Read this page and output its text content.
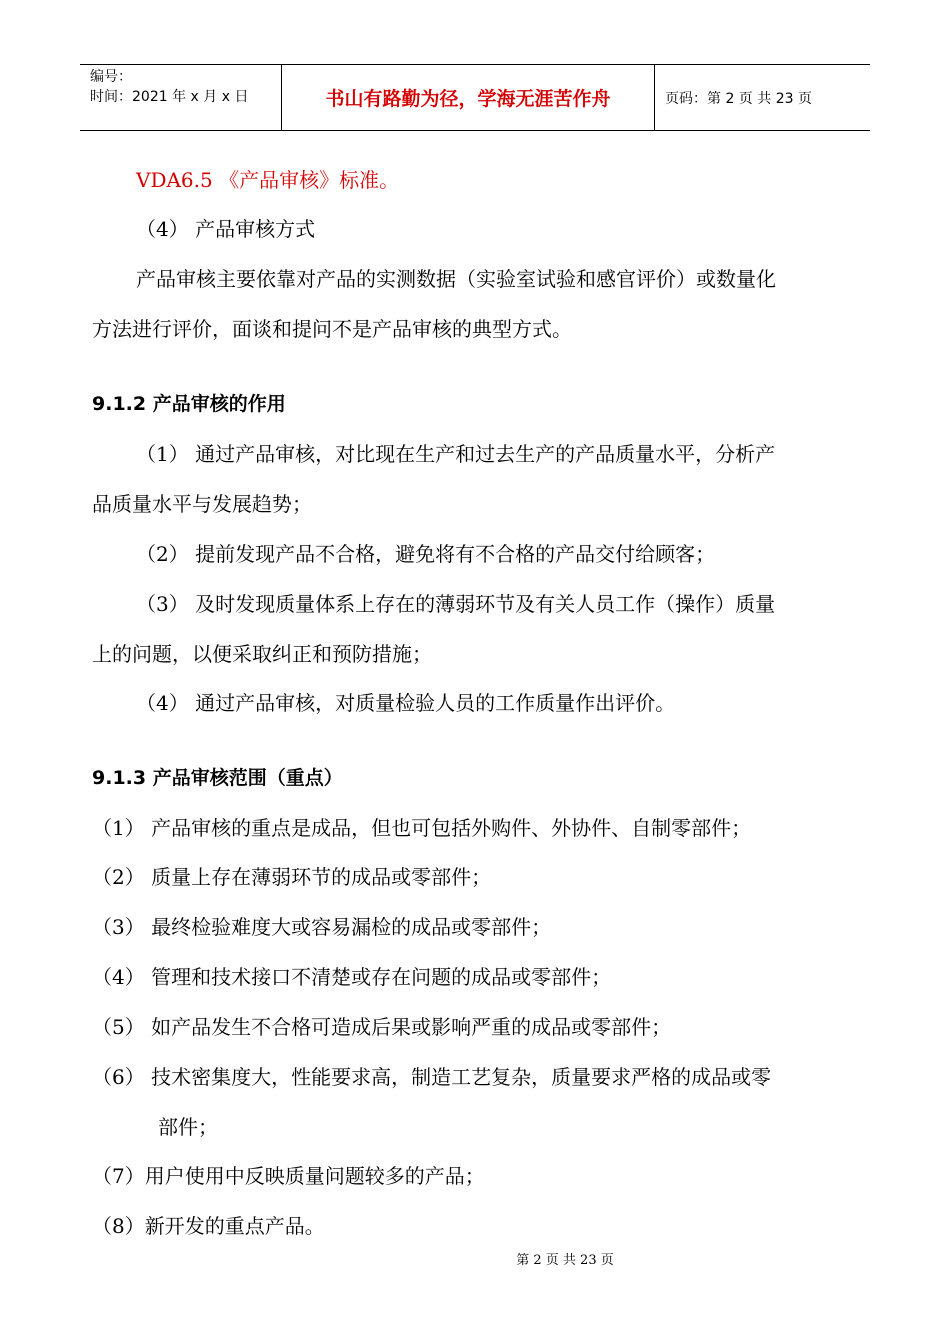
编号：
时间：2021 年 x 月 x 日	书山有路勤为径，学海无涯苦作舟	页码：第 2 页 共 23 页
VDA6.5 《产品审核》标准。
（4） 产品审核方式
产品审核主要依靠对产品的实测数据（实验室试验和感官评价）或数量化
方法进行评价，面谈和提问不是产品审核的典型方式。
9.1.2 产品审核的作用
（1） 通过产品审核，对比现在生产和过去生产的产品质量水平，分析产
品质量水平与发展趋势；
（2） 提前发现产品不合格，避免将有不合格的产品交付给顾客；
（3） 及时发现质量体系上存在的薄弱环节及有关人员工作（操作）质量
上的问题，以便采取纠正和预防措施；
（4） 通过产品审核，对质量检验人员的工作质量作出评价。
9.1.3 产品审核范围（重点）
（1） 产品审核的重点是成品，但也可包括外购件、外协件、自制零部件；
（2） 质量上存在薄弱环节的成品或零部件；
（3） 最终检验难度大或容易漏检的成品或零部件；
（4） 管理和技术接口不清楚或存在问题的成品或零部件；
（5） 如产品发生不合格可造成后果或影响严重的成品或零部件；
（6） 技术密集度大，性能要求高，制造工艺复杂，质量要求严格的成品或零
部件；
（7）用户使用中反映质量问题较多的产品；
（8）新开发的重点产品。
第 2 页 共 23 页
